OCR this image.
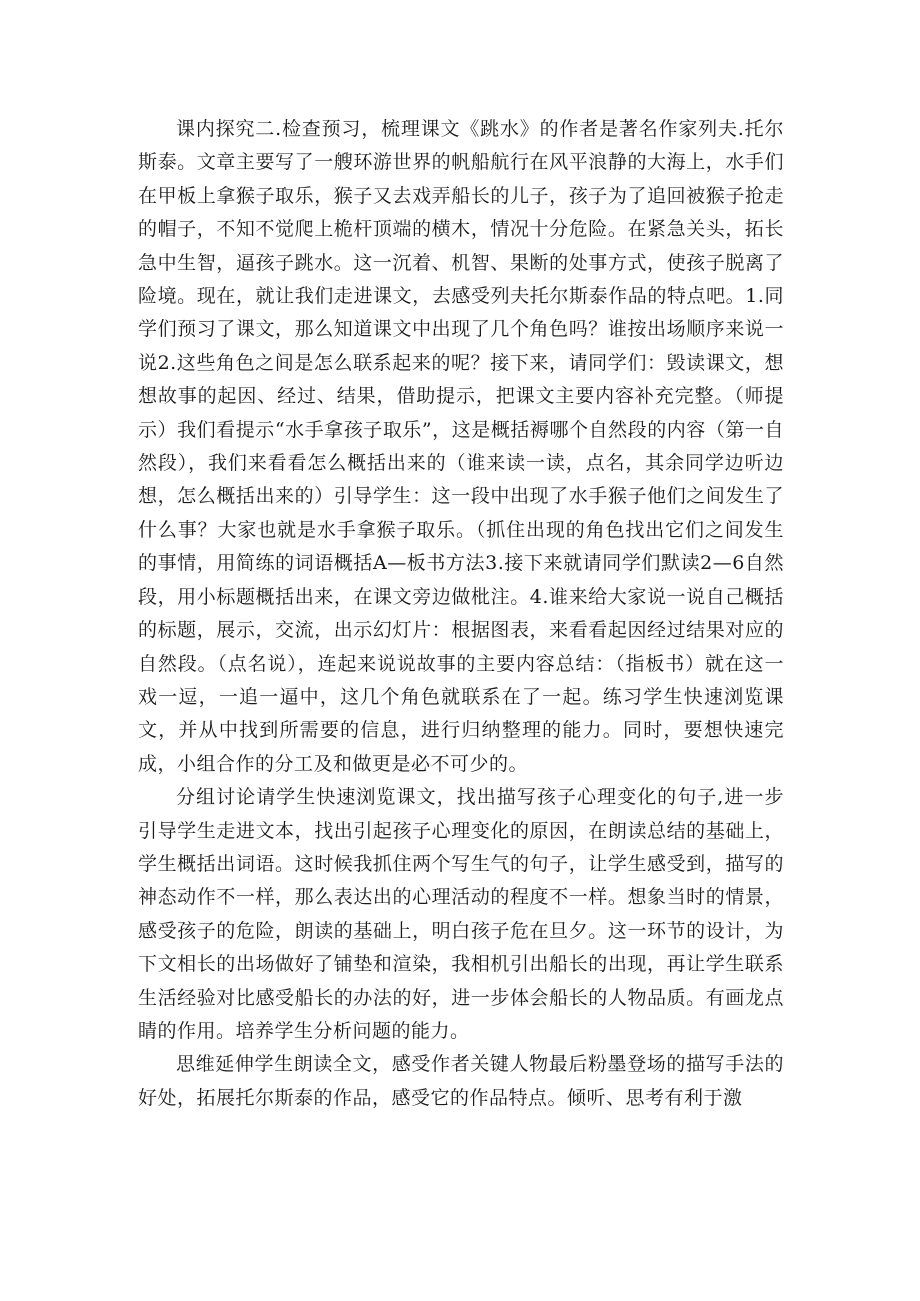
课内探究二.检查预习，梳理课文《跳水》的作者是著名作家列夫.托尔斯泰。文章主要写了一艘环游世界的帆船航行在风平浪静的大海上，水手们在甲板上拿猴子取乐，猴子又去戏弄船长的儿子，孩子为了追回被猴子抢走的帽子，不知不觉爬上桅杆顶端的横木，情况十分危险。在紧急关头，拓长急中生智，逼孩子跳水。这一沉着、机智、果断的处事方式，使孩子脱离了险境。现在，就让我们走进课文，去感受列夫托尔斯泰作品的特点吧。1.同学们预习了课文，那么知道课文中出现了几个角色吗？谁按出场顺序来说一说2.这些角色之间是怎么联系起来的呢？接下来，请同学们：毁读课文，想想故事的起因、经过、结果，借助提示，把课文主要内容补充完整。（师提示）我们看提示“水手拿孩子取乐”，这是概括褥哪个自然段的内容（第一自然段），我们来看看怎么概括出来的（谁来读一读，点名，其余同学边听边想，怎么概括出来的）引导学生：这一段中出现了水手猴子他们之间发生了什么事？大家也就是水手拿猴子取乐。（抓住出现的角色找出它们之间发生的事情，用简练的词语概括A—板书方法3.接下来就请同学们默读2—6自然段，用小标题概括出来，在课文旁边做枇注。4.谁来给大家说一说自己概括的标题，展示，交流，出示幻灯片：根据图表，来看看起因经过结果对应的自然段。（点名说），连起来说说故事的主要内容总结：（指板书）就在这一戏一逗，一追一逼中，这几个角色就联系在了一起。练习学生快速浏览课文，并从中找到所需要的信息，进行归纳整理的能力。同时，要想快速完成，小组合作的分工及和做更是必不可少的。

分组讨论请学生快速浏览课文，找出描写孩子心理变化的句子,进一步引导学生走进文本，找出引起孩子心理变化的原因，在朗读总结的基础上，学生概括出词语。这时候我抓住两个写生气的句子，让学生感受到，描写的神态动作不一样，那么表达出的心理活动的程度不一样。想象当时的情景，感受孩子的危险，朗读的基础上，明白孩子危在旦夕。这一环节的设计，为下文相长的出场做好了铺垫和渲染，我相机引出船长的出现，再让学生联系生活经验对比感受船长的办法的好，进一步体会船长的人物品质。有画龙点睛的作用。培养学生分析问题的能力。

思维延伸学生朗读全文，感受作者关键人物最后粉墨登场的描写手法的好处，拓展托尔斯泰的作品，感受它的作品特点。倾听、思考有利于激
